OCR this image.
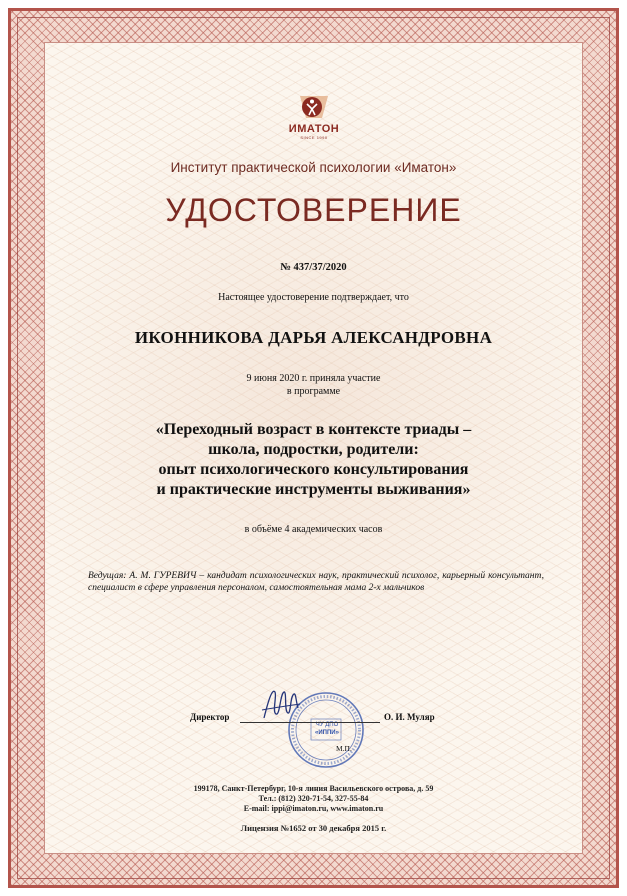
ИМАТОН
SINCE 1990
Институт практической психологии «Иматон»
УДОСТОВЕРЕНИЕ
№ 437/37/2020
Настоящее удостоверение подтверждает, что
ИКОННИКОВА ДАРЬЯ АЛЕКСАНДРОВНА
9 июня 2020 г. приняла участие
в программе
«Переходный возраст в контексте триады –
школа, подростки, родители:
опыт психологического консультирования
и практические инструменты выживания»
в объёме 4 академических часов
Ведущая: А. М. ГУРЕВИЧ – кандидат психологических наук, практический психолог, карьерный консультант, специалист в сфере управления персоналом, самостоятельная мама 2-х мальчиков
ЧУ ДПО
«ИППИ»
Директор	О. И. Муляр
М.П.
199178, Санкт-Петербург, 10-я линия Васильевского острова, д. 59
Тел.: (812) 320-71-54, 327-55-84
E-mail: ippi@imaton.ru, www.imaton.ru
Лицензия №1652 от 30 декабря 2015 г.
